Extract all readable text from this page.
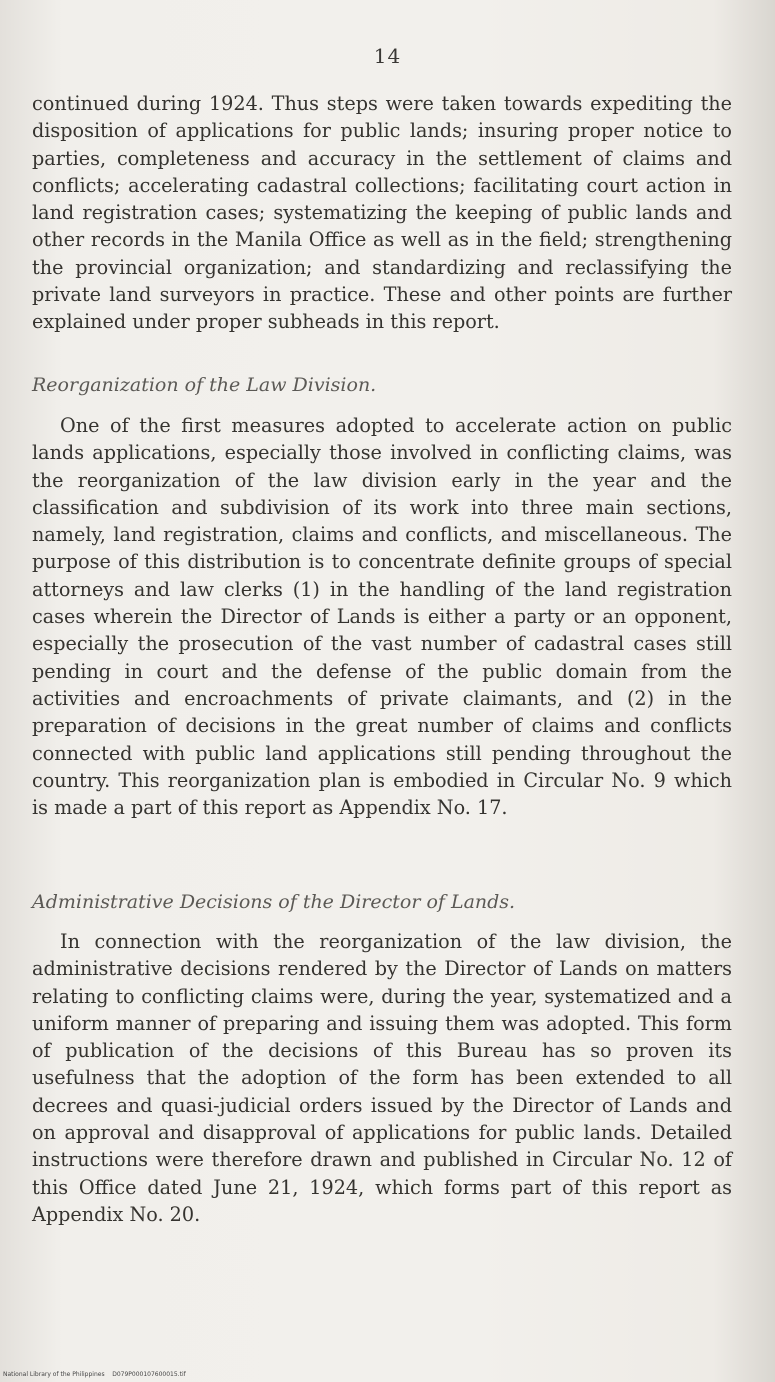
14

continued during 1924. Thus steps were taken towards expediting the disposition of applications for public lands; insuring proper notice to parties, completeness and accuracy in the settlement of claims and conflicts; accelerating cadastral collections; facilitating court action in land registration cases; systematizing the keeping of public lands and other records in the Manila Office as well as in the field; strengthening the provincial organization; and standardizing and reclassifying the private land surveyors in practice. These and other points are further explained under proper subheads in this report.

Reorganization of the Law Division.

One of the first measures adopted to accelerate action on public lands applications, especially those involved in conflicting claims, was the reorganization of the law division early in the year and the classification and subdivision of its work into three main sections, namely, land registration, claims and conflicts, and miscellaneous. The purpose of this distribution is to concentrate definite groups of special attorneys and law clerks (1) in the handling of the land registration cases wherein the Director of Lands is either a party or an opponent, especially the prosecution of the vast number of cadastral cases still pending in court and the defense of the public domain from the activities and encroachments of private claimants, and (2) in the preparation of decisions in the great number of claims and conflicts connected with public land applications still pending throughout the country. This reorganization plan is embodied in Circular No. 9 which is made a part of this report as Appendix No. 17.

Administrative Decisions of the Director of Lands.

In connection with the reorganization of the law division, the administrative decisions rendered by the Director of Lands on matters relating to conflicting claims were, during the year, systematized and a uniform manner of preparing and issuing them was adopted. This form of publication of the decisions of this Bureau has so proven its usefulness that the adoption of the form has been extended to all decrees and quasi-judicial orders issued by the Director of Lands and on approval and disapproval of applications for public lands. Detailed instructions were therefore drawn and published in Circular No. 12 of this Office dated June 21, 1924, which forms part of this report as Appendix No. 20.

National Library of the Philippines    D079P000107600015.tif
